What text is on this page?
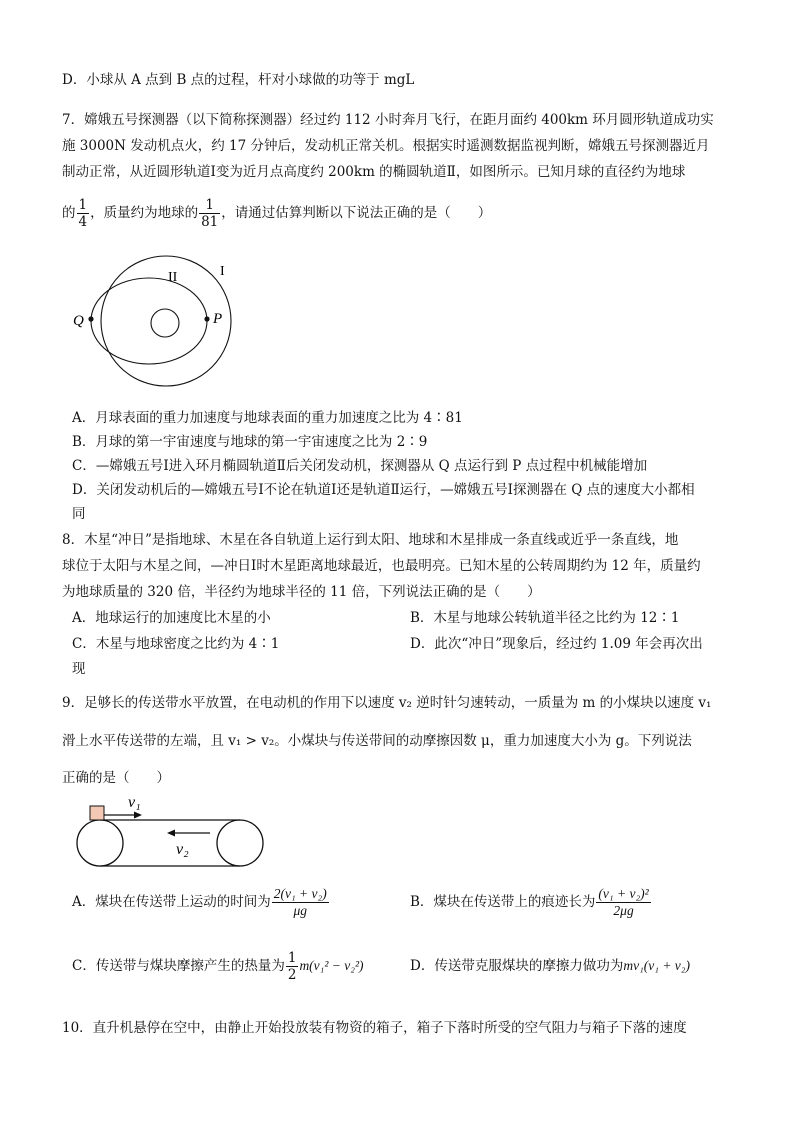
D．小球从 A 点到 B 点的过程，杆对小球做的功等于 mgL
7．嫦娥五号探测器（以下简称探测器）经过约 112 小时奔月飞行，在距月面约 400km 环月圆形轨道成功实
施 3000N 发动机点火，约 17 分钟后，发动机正常关机。根据实时遥测数据监视判断，嫦娥五号探测器近月
制动正常，从近圆形轨道Ⅰ变为近月点高度约 200km 的椭圆轨道Ⅱ，如图所示。已知月球的直径约为地球
的 $\frac{1}{4}$ ，质量约为地球的 $\frac{1}{81}$ ，请通过估算判断以下说法正确的是（　　）
I
II
Q	P
A．月球表面的重力加速度与地球表面的重力加速度之比为 4∶81
B．月球的第一宇宙速度与地球的第一宇宙速度之比为 2∶9
C．—嫦娥五号Ⅰ进入环月椭圆轨道Ⅱ后关闭发动机，探测器从 Q 点运行到 P 点过程中机械能增加
D．关闭发动机后的—嫦娥五号Ⅰ不论在轨道Ⅰ还是轨道Ⅱ运行，—嫦娥五号Ⅰ探测器在 Q 点的速度大小都相
同
8．木星“冲日”是指地球、木星在各自轨道上运行到太阳、地球和木星排成一条直线或近乎一条直线，地
球位于太阳与木星之间，—冲日Ⅰ时木星距离地球最近，也最明亮。已知木星的公转周期约为 12 年，质量约
为地球质量的 320 倍，半径约为地球半径的 11 倍，下列说法正确的是（　　）
A．地球运行的加速度比木星的小	B．木星与地球公转轨道半径之比约为 12∶1
C．木星与地球密度之比约为 4∶1	D．此次“冲日”现象后，经过约 1.09 年会再次出
现
9．足够长的传送带水平放置，在电动机的作用下以速度 v₂ 逆时针匀速转动，一质量为 m 的小煤块以速度 v₁
滑上水平传送带的左端，且 v₁ > v₂。小煤块与传送带间的动摩擦因数 μ，重力加速度大小为 g。下列说法
正确的是（　　）
v₁
v₂
A．煤块在传送带上运动的时间为 $\frac{\text{2(v₁ + v₂)}}{\mu g}$	B．煤块在传送带上的痕迹长为 $\frac{\text{(v₁ + v₂)²}}{2\mu g}$
C．传送带与煤块摩擦产生的热量为 $\frac{1}{2} m(v_1^2 - v_2^2)$	D．传送带克服煤块的摩擦力做功为mv₁(v₁ + v₂)
10．直升机悬停在空中，由静止开始投放装有物资的箱子，箱子下落时所受的空气阻力与箱子下落的速度
